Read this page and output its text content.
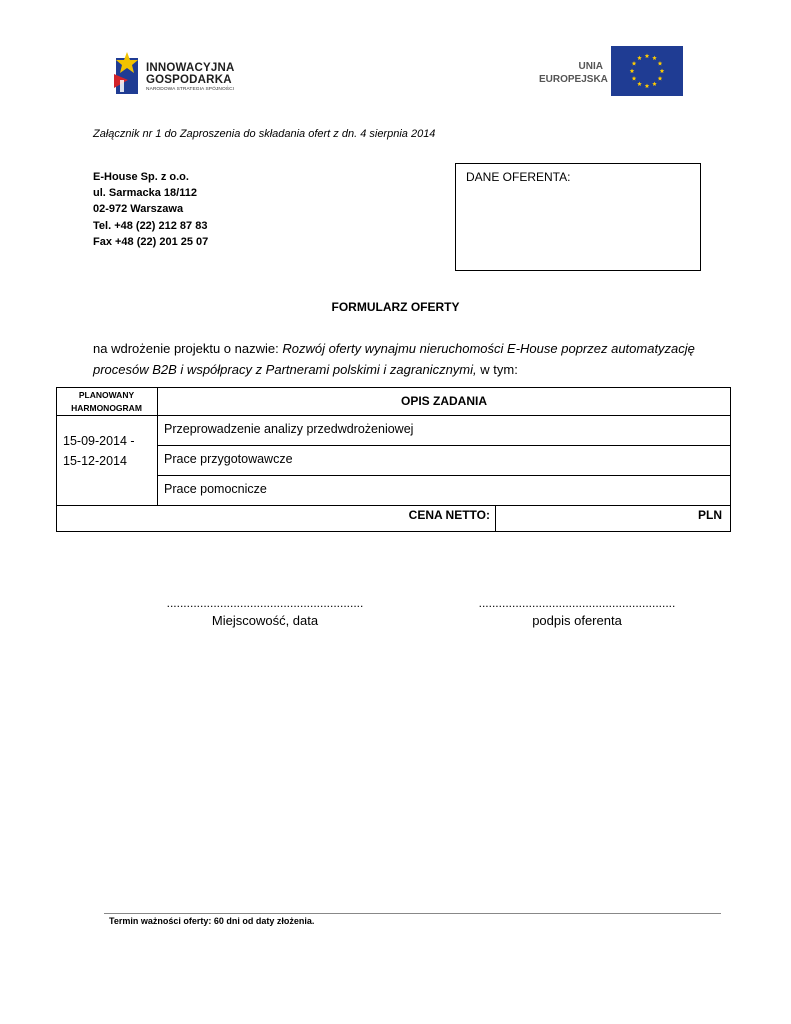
INNOWACYJNA
GOSPODARKA
NARODOWA STRATEGIA SPÓJNOŚCI
UNIA
EUROPEJSKA
Załącznik nr 1 do Zaproszenia do składania ofert z dn. 4 sierpnia 2014
E-House Sp. z o.o.
ul. Sarmacka 18/112
02-972 Warszawa
Tel. +48 (22) 212 87 83
Fax +48 (22) 201 25 07
DANE OFERENTA:
FORMULARZ OFERTY
na wdrożenie projektu o nazwie: Rozwój oferty wynajmu nieruchomości E-House poprzez automatyzację procesów B2B i współpracy z Partnerami polskimi i zagranicznymi, w tym:
PLANOWANY
HARMONOGRAM	OPIS ZADANIA
15-09-2014 -
15-12-2014
Przeprowadzenie analizy przedwdrożeniowej
Prace przygotowawcze
Prace pomocnicze
CENA NETTO:	PLN
...........................................................
Miejscowość, data
...........................................................
podpis oferenta
Termin ważności oferty: 60 dni od daty złożenia.
